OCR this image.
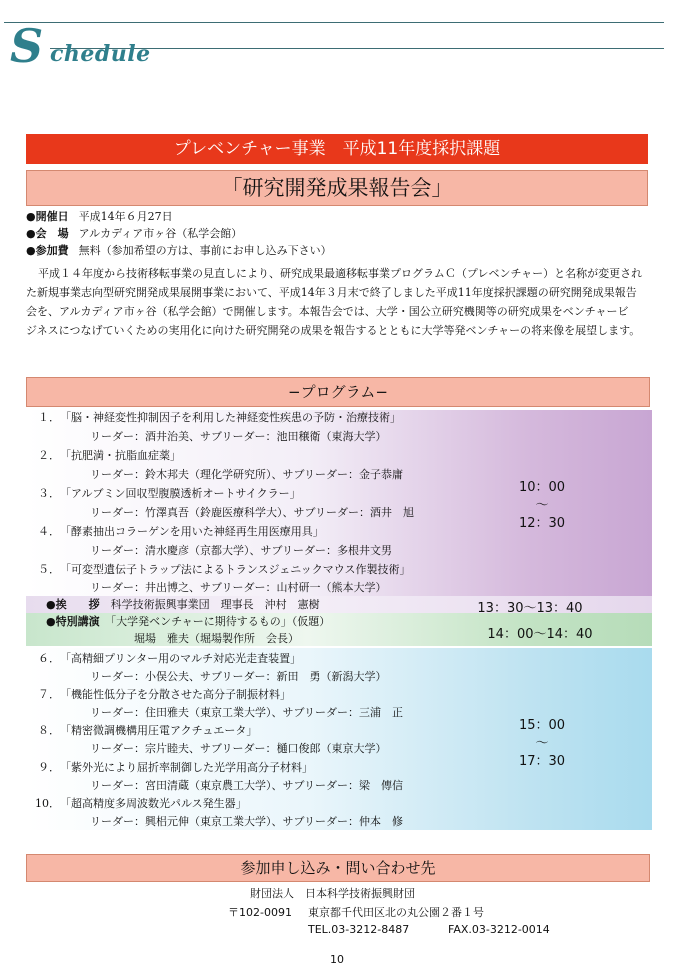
S chedule
プレベンチャー事業　平成11年度採択課題
「研究開発成果報告会」
●開催日 平成14年６月27日
●会　場 アルカディア市ヶ谷（私学会館）
●参加費 無料（参加希望の方は、事前にお申し込み下さい）
平成１４年度から技術移転事業の見直しにより、研究成果最適移転事業プログラムＣ（プレベンチャー）と名称が変更され
た新規事業志向型研究開発成果展開事業において、平成14年３月末で終了しました平成11年度採択課題の研究開発成果報告
会を、アルカディア市ヶ谷（私学会館）で開催します。本報告会では、大学・国公立研究機関等の研究成果をベンチャービ
ジネスにつなげていくための実用化に向けた研究開発の成果を報告するとともに大学等発ベンチャーの将来像を展望します。
−プログラム−
１．「脳・神経変性抑制因子を利用した神経変性疾患の予防・治療技術」
リーダー：酒井治美、サブリーダー：池田穣衛（東海大学）
２．「抗肥満・抗脂血症薬」
リーダー：鈴木邦夫（理化学研究所）、サブリーダー：金子恭庸
３．「アルブミン回収型腹膜透析オートサイクラー」
リーダー：竹澤真吾（鈴鹿医療科学大）、サブリーダー：酒井　旭
４．「酵素抽出コラーゲンを用いた神経再生用医療用具」
リーダー：清水慶彦（京都大学）、サブリーダー：多根井文男
５．「可変型遺伝子トラップ法によるトランスジェニックマウス作製技術」
リーダー：井出博之、サブリーダー：山村研一（熊本大学）
10：00
～
12：30
●挨　　拶　 科学技術振興事業団　理事長　沖村　憲樹	13：30〜13：40
●特別講演　 「大学発ベンチャーに期待するもの」（仮題）
堀場　雅夫（堀場製作所　会長）	14：00〜14：40
６．「高精細プリンター用のマルチ対応光走査装置」
リーダー：小俣公夫、サブリーダー：新田　勇（新潟大学）
７．「機能性低分子を分散させた高分子制振材料」
リーダー：住田雅夫（東京工業大学）、サブリーダー：三浦　正
８．「精密微調機構用圧電アクチュエータ」
リーダー：宗片睦夫、サブリーダー：樋口俊郎（東京大学）
９．「紫外光により屈折率制御した光学用高分子材料」
リーダー：宮田清蔵（東京農工大学）、サブリーダー：梁　傳信
10．「超高精度多周波数光パルス発生器」
リーダー：興梠元伸（東京工業大学）、サブリーダー：仲本　修
15：00
～
17：30
参加申し込み・問い合わせ先
財団法人　日本科学技術振興財団
〒102-0091 東京都千代田区北の丸公園２番１号
TEL.03-3212-8487	FAX.03-3212-0014
10
